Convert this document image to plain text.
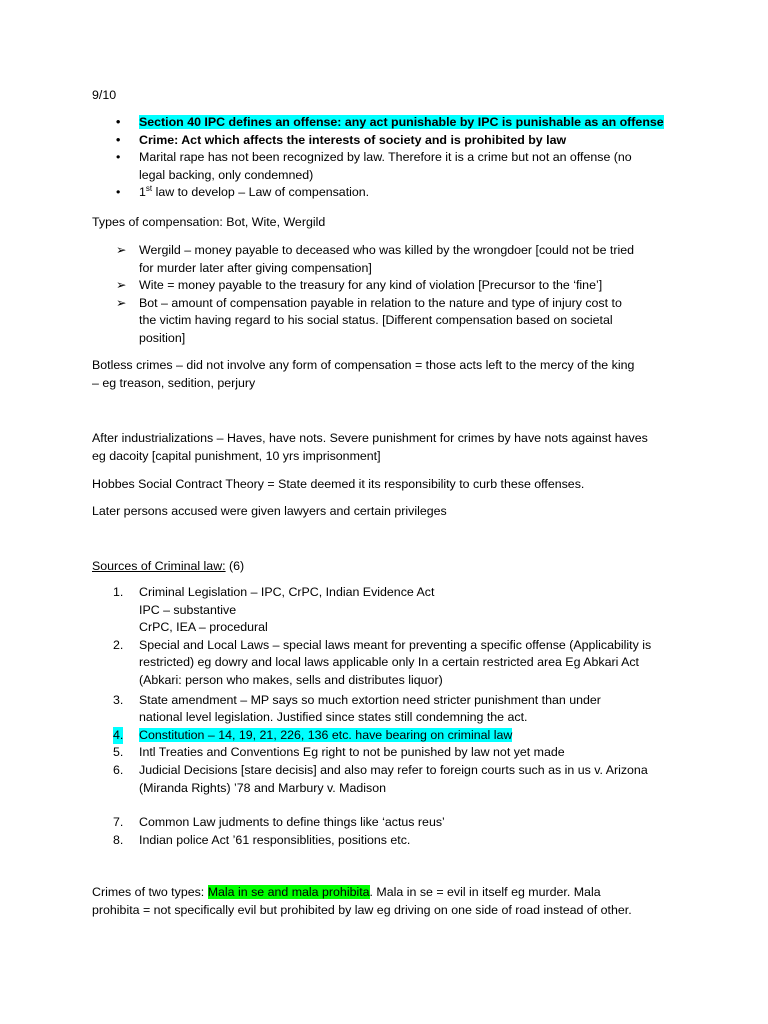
9/10

• Section 40 IPC defines an offense: any act punishable by IPC is punishable as an offense
• Crime: Act which affects the interests of society and is prohibited by law
• Marital rape has not been recognized by law. Therefore it is a crime but not an offense (no
legal backing, only condemned)
• 1st law to develop – Law of compensation.

Types of compensation: Bot, Wite, Wergild

➢ Wergild – money payable to deceased who was killed by the wrongdoer [could not be tried
for murder later after giving compensation]
➢ Wite = money payable to the treasury for any kind of violation [Precursor to the ‘fine’]
➢ Bot – amount of compensation payable in relation to the nature and type of injury cost to
the victim having regard to his social status. [Different compensation based on societal
position]

Botless crimes – did not involve any form of compensation = those acts left to the mercy of the king
– eg treason, sedition, perjury

After industrializations – Haves, have nots. Severe punishment for crimes by have nots against haves
eg dacoity [capital punishment, 10 yrs imprisonment]

Hobbes Social Contract Theory = State deemed it its responsibility to curb these offenses.

Later persons accused were given lawyers and certain privileges

Sources of Criminal law: (6)

1. Criminal Legislation – IPC, CrPC, Indian Evidence Act
IPC – substantive
CrPC, IEA – procedural
2. Special and Local Laws – special laws meant for preventing a specific offense (Applicability is
restricted) eg dowry and local laws applicable only In a certain restricted area Eg Abkari Act
(Abkari: person who makes, sells and distributes liquor)
3. State amendment – MP says so much extortion need stricter punishment than under
national level legislation. Justified since states still condemning the act.
4. Constitution – 14, 19, 21, 226, 136 etc. have bearing on criminal law
5. Intl Treaties and Conventions Eg right to not be punished by law not yet made
6. Judicial Decisions [stare decisis] and also may refer to foreign courts such as in us v. Arizona
(Miranda Rights) ’78 and Marbury v. Madison
7. Common Law judments to define things like ‘actus reus’
8. Indian police Act ’61 responsiblities, positions etc.

Crimes of two types: Mala in se and mala prohibita. Mala in se = evil in itself eg murder. Mala
prohibita = not specifically evil but prohibited by law eg driving on one side of road instead of other.
